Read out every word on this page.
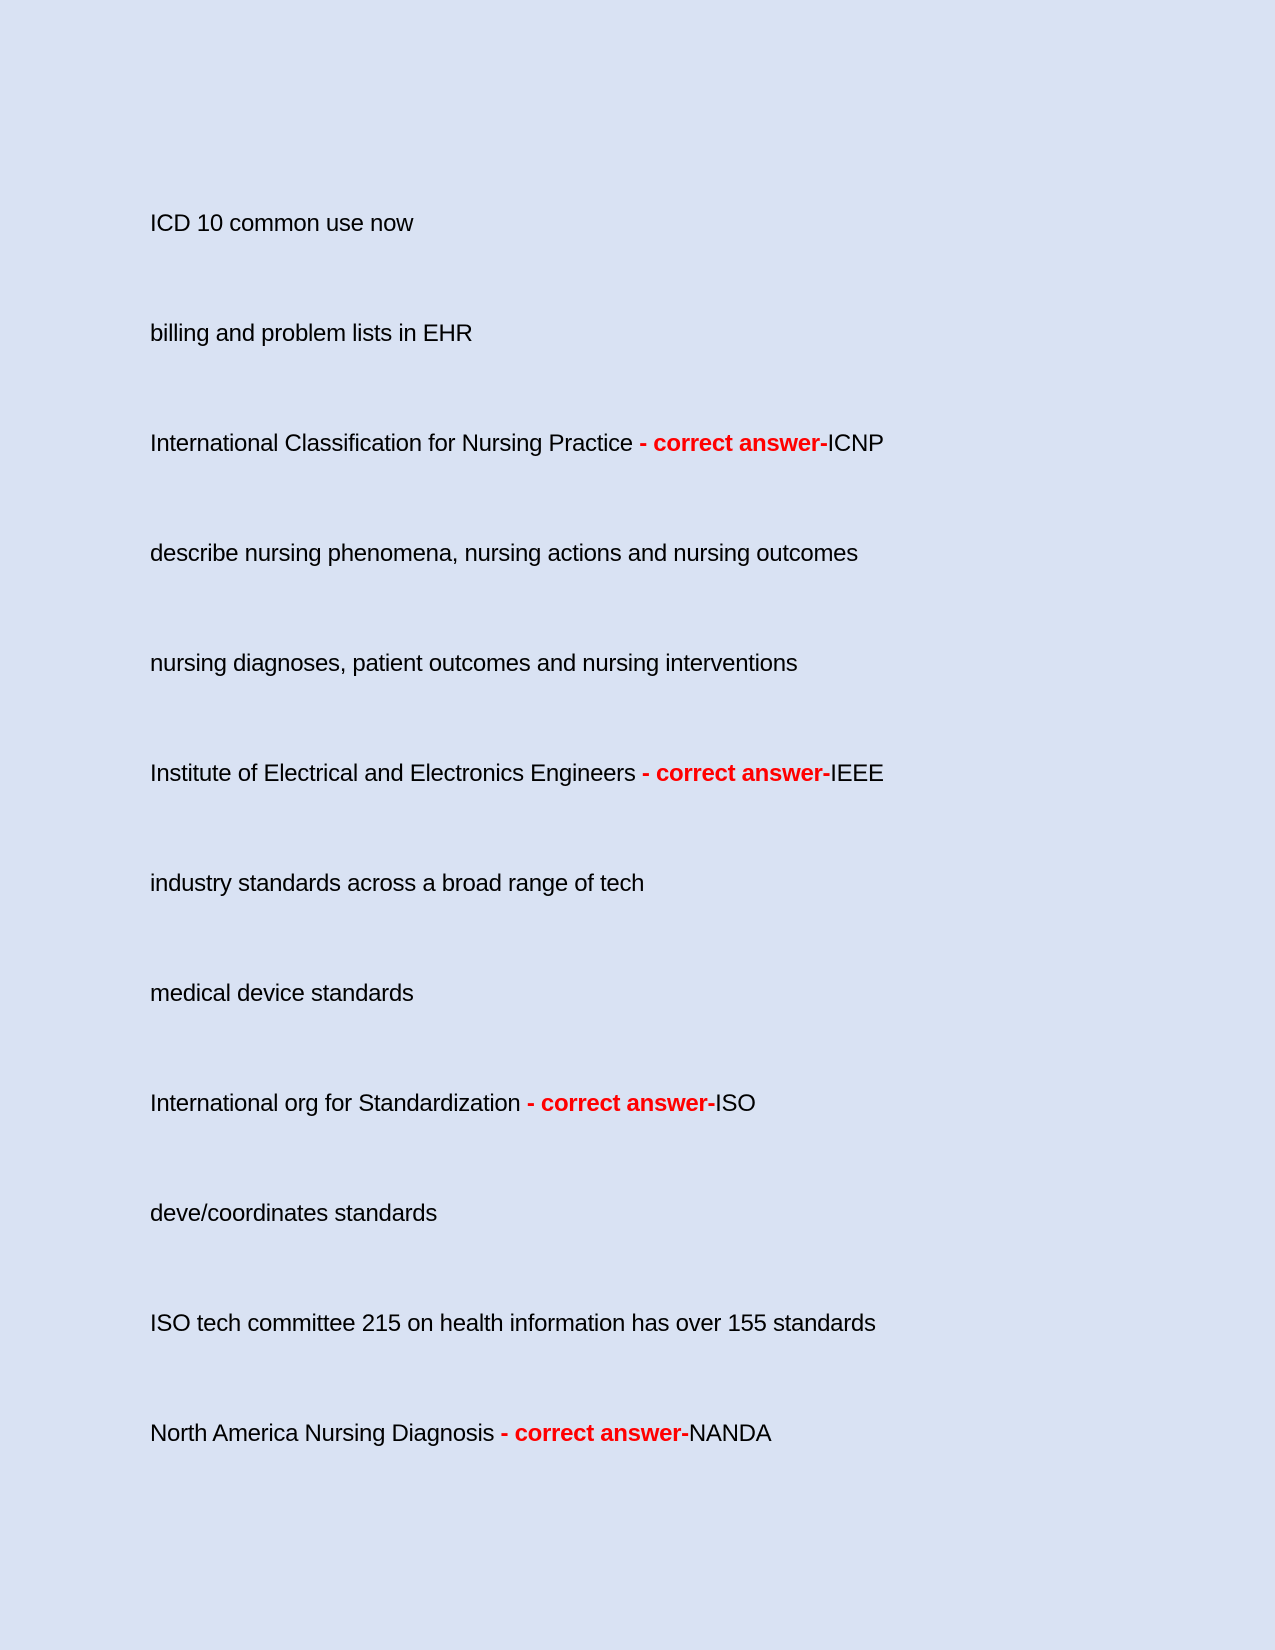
ICD 10 common use now
billing and problem lists in EHR
International Classification for Nursing Practice - correct answer-ICNP
describe nursing phenomena, nursing actions and nursing outcomes
nursing diagnoses, patient outcomes and nursing interventions
Institute of Electrical and Electronics Engineers - correct answer-IEEE
industry standards across a broad range of tech
medical device standards
International org for Standardization - correct answer-ISO
deve/coordinates standards
ISO tech committee 215 on health information has over 155 standards
North America Nursing Diagnosis - correct answer-NANDA
